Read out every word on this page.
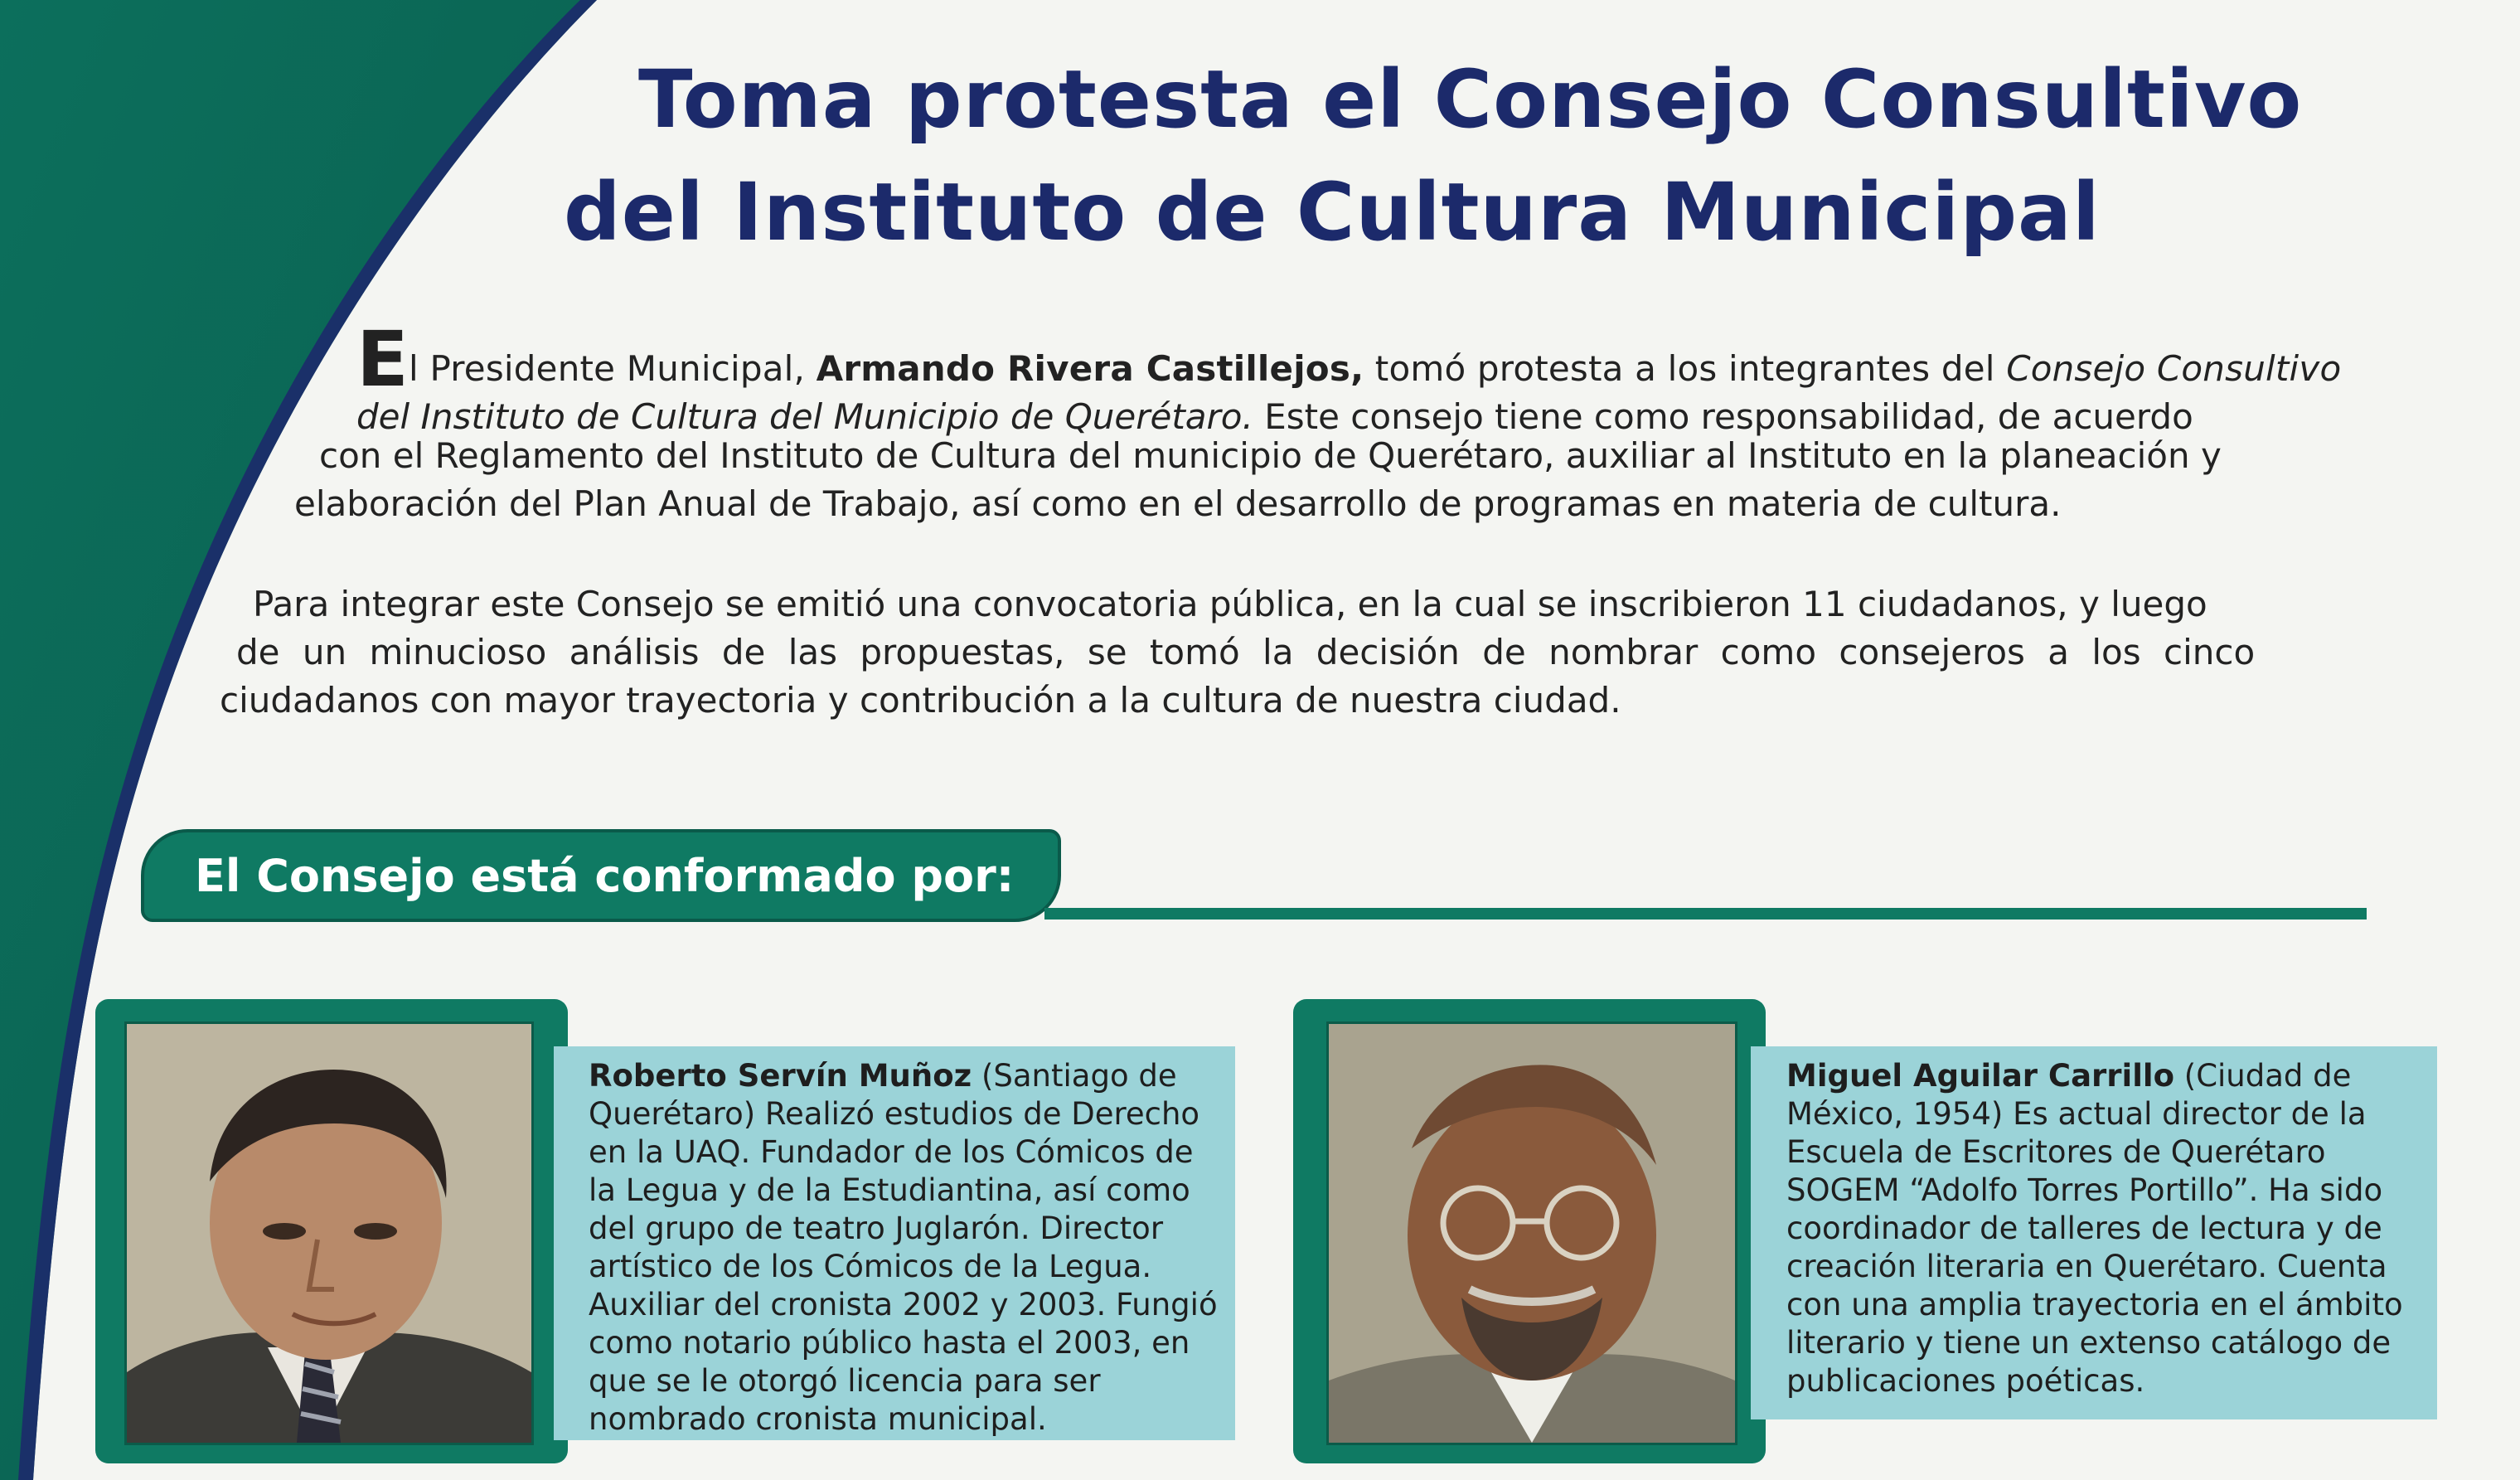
Toma protesta el Consejo Consultivo
del Instituto de Cultura Municipal
El Presidente Municipal, Armando Rivera Castillejos, tomó protesta a los integrantes del Consejo Consultivo
del Instituto de Cultura del Municipio de Querétaro. Este consejo tiene como responsabilidad, de acuerdo
con el Reglamento del Instituto de Cultura del municipio de Querétaro, auxiliar al Instituto en la planeación y
elaboración del Plan Anual de Trabajo, así como en el desarrollo de programas en materia de cultura.
Para integrar este Consejo se emitió una convocatoria pública, en la cual se inscribieron 11 ciudadanos, y luego
de un minucioso análisis de las propuestas, se tomó la decisión de nombrar como consejeros a los cinco
ciudadanos con mayor trayectoria y contribución a la cultura de nuestra ciudad.
El Consejo está conformado por:
Roberto Servín Muñoz (Santiago de
Querétaro) Realizó estudios de Derecho
en la UAQ. Fundador de los Cómicos de
la Legua y de la Estudiantina, así como
del grupo de teatro Juglarón. Director
artístico de los Cómicos de la Legua.
Auxiliar del cronista 2002 y 2003. Fungió
como notario público hasta el 2003, en
que se le otorgó licencia para ser
nombrado cronista municipal.
Miguel Aguilar Carrillo (Ciudad de
México, 1954) Es actual director de la
Escuela de Escritores de Querétaro
SOGEM “Adolfo Torres Portillo”. Ha sido
coordinador de talleres de lectura y de
creación literaria en Querétaro. Cuenta
con una amplia trayectoria en el ámbito
literario y tiene un extenso catálogo de
publicaciones poéticas.
